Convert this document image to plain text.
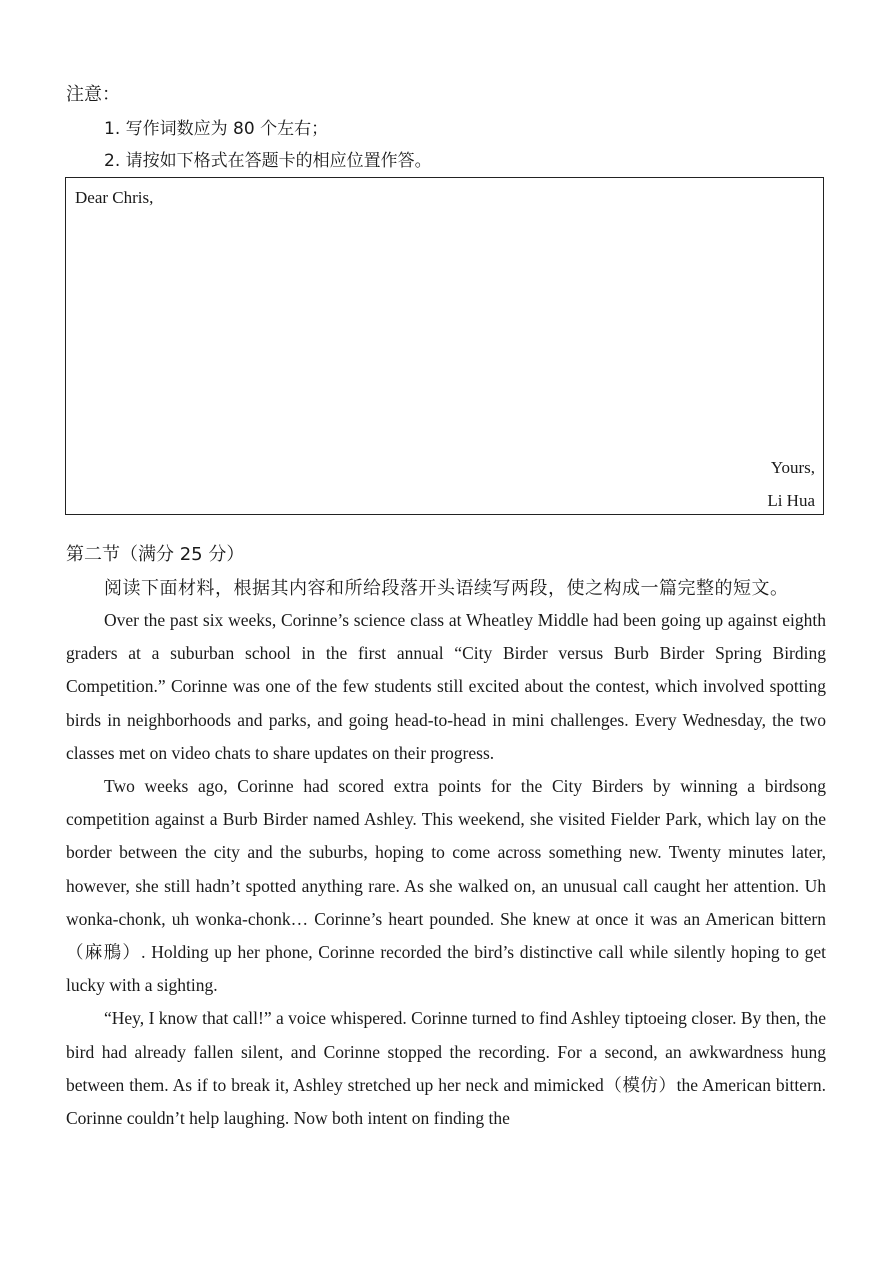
注意：
1. 写作词数应为 80 个左右；
2. 请按如下格式在答题卡的相应位置作答。
Dear Chris,
Yours,
Li Hua
第二节（满分 25 分）
阅读下面材料，根据其内容和所给段落开头语续写两段，使之构成一篇完整的短文。

Over the past six weeks, Corinne’s science class at Wheatley Middle had been going up against eighth graders at a suburban school in the first annual “City Birder versus Burb Birder Spring Birding Competition.” Corinne was one of the few students still excited about the contest, which involved spotting birds in neighborhoods and parks, and going head-to-head in mini challenges. Every Wednesday, the two classes met on video chats to share updates on their progress.

Two weeks ago, Corinne had scored extra points for the City Birders by winning a birdsong competition against a Burb Birder named Ashley. This weekend, she visited Fielder Park, which lay on the border between the city and the suburbs, hoping to come across something new. Twenty minutes later, however, she still hadn’t spotted anything rare. As she walked on, an unusual call caught her attention. Uh wonka-chonk, uh wonka-chonk… Corinne’s heart pounded. She knew at once it was an American bittern（麻鳽）. Holding up her phone, Corinne recorded the bird’s distinctive call while silently hoping to get lucky with a sighting.

“Hey, I know that call!” a voice whispered. Corinne turned to find Ashley tiptoeing closer. By then, the bird had already fallen silent, and Corinne stopped the recording. For a second, an awkwardness hung between them. As if to break it, Ashley stretched up her neck and mimicked（模仿）the American bittern. Corinne couldn’t help laughing. Now both intent on finding the
